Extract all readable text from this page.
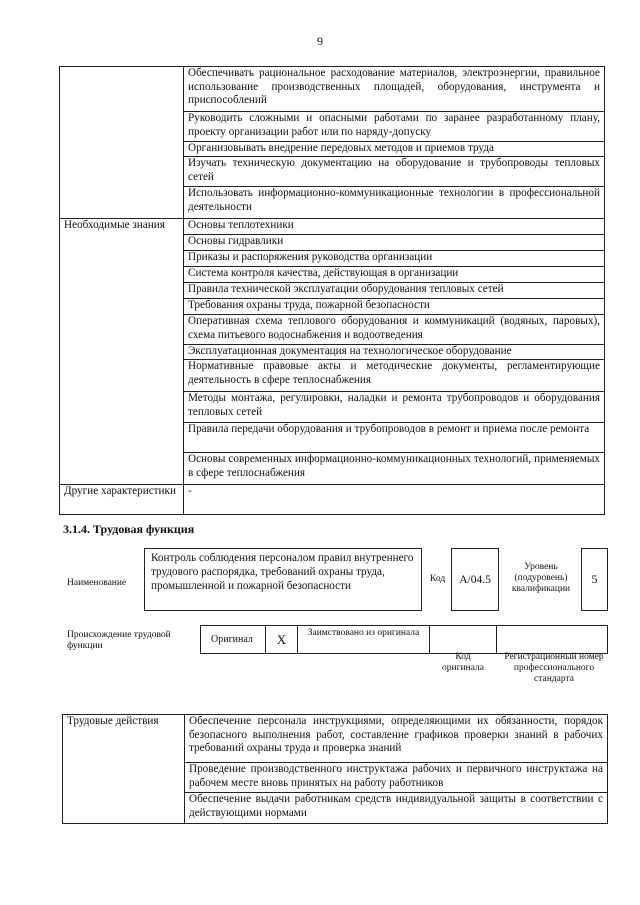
9
	Обеспечивать рациональное расходование материалов, электроэнергии, правильное использование производственных площадей, оборудования, инструмента и приспособлений
	Руководить сложными и опасными работами по заранее разработанному плану, проекту организации работ или по наряду-допуску
	Организовывать внедрение передовых методов и приемов труда
	Изучать техническую документацию на оборудование и трубопроводы тепловых сетей
	Использовать информационно-коммуникационные технологии в профессиональной деятельности
Необходимые знания	Основы теплотехники
	Основы гидравлики
	Приказы и распоряжения руководства организации
	Система контроля качества, действующая в организации
	Правила технической эксплуатации оборудования тепловых сетей
	Требования охраны труда, пожарной безопасности
	Оперативная схема теплового оборудования и коммуникаций (водяных, паровых), схема питьевого водоснабжения и водоотведения
	Эксплуатационная документация на технологическое оборудование
	Нормативные правовые акты и методические документы, регламентирующие деятельность в сфере теплоснабжения
	Методы монтажа, регулировки, наладки и ремонта трубопроводов и оборудования тепловых сетей
	Правила передачи оборудования и трубопроводов в ремонт и приема после ремонта
	Основы современных информационно-коммуникационных технологий, применяемых в сфере теплоснабжения
Другие характеристики	-
3.1.4. Трудовая функция
Наименование
Контроль соблюдения персоналом правил внутреннего трудового распорядка, требований охраны труда, промышленной и пожарной безопасности
Код	A/04.5
Уровень (подуровень) квалификации
5
Происхождение трудовой функции
Оригинал	X	Заимствовано из оригинала
Код оригинала
Регистрационный номер профессионального стандарта
Трудовые действия	Обеспечение персонала инструкциями, определяющими их обязанности, порядок безопасного выполнения работ, составление графиков проверки знаний в рабочих требований охраны труда и проверка знаний
Проведение производственного инструктажа рабочих и первичного инструктажа на рабочем месте вновь принятых на работу работников
Обеспечение выдачи работникам средств индивидуальной защиты в соответствии с действующими нормами
